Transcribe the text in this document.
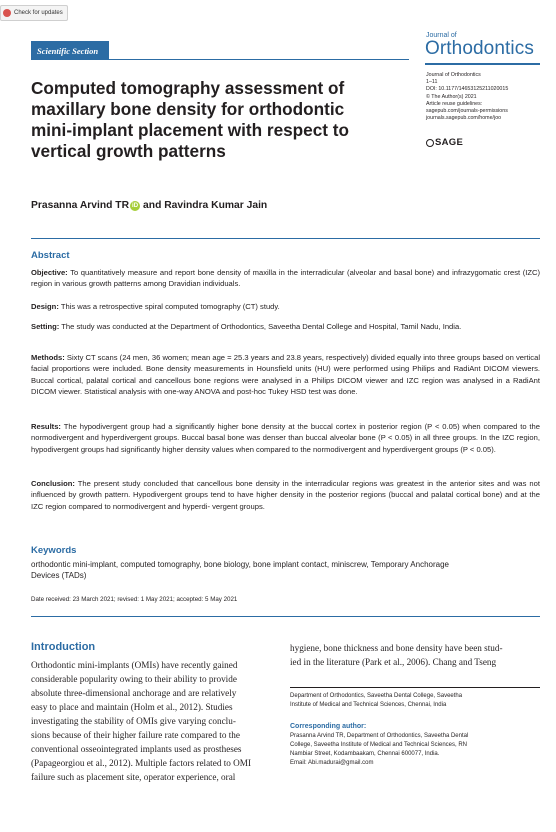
Check for updates
Scientific Section
Journal of
Orthodontics
Journal of Orthodontics
1–11
DOI: 10.1177/14653125211020015
© The Author(s) 2021
Article reuse guidelines:
sagepub.com/journals-permissions
journals.sagepub.com/home/joo
SAGE
Computed tomography assessment of
maxillary bone density for orthodontic
mini-implant placement with respect to
vertical growth patterns
Prasanna Arvind TR iD and Ravindra Kumar Jain
Abstract
Objective: To quantitatively measure and report bone density of maxilla in the interradicular (alveolar and basal bone) and infrazygomatic crest (IZC) region in various growth patterns among Dravidian individuals.
Design: This was a retrospective spiral computed tomography (CT) study.
Setting: The study was conducted at the Department of Orthodontics, Saveetha Dental College and Hospital, Tamil Nadu, India.
Methods: Sixty CT scans (24 men, 36 women; mean age = 25.3 years and 23.8 years, respectively) divided equally into three groups based on vertical facial proportions were included. Bone density measurements in Hounsfield units (HU) were performed using Philips and RadiAnt DICOM viewers. Buccal cortical, palatal cortical and cancellous bone regions were analysed in a Philips DICOM viewer and IZC region was analysed in a RadiAnt DICOM viewer. Statistical analysis with one-way ANOVA and post-hoc Tukey HSD test was done.
Results: The hypodivergent group had a significantly higher bone density at the buccal cortex in posterior region (P < 0.05) when compared to the normodivergent and hyperdivergent groups. Buccal basal bone was denser than buccal alveolar bone (P < 0.05) in all three groups. In the IZC region, hypodivergent groups had significantly higher density values when compared to the normodivergent and hyperdivergent groups (P < 0.05).
Conclusion: The present study concluded that cancellous bone density in the interradicular regions was greatest in the anterior sites and was not influenced by growth pattern. Hypodivergent groups tend to have higher density in the posterior regions (buccal and palatal cortical bone) and at the IZC region compared to normodivergent and hyperdi- vergent groups.
Keywords
orthodontic mini-implant, computed tomography, bone biology, bone implant contact, miniscrew, Temporary Anchorage
Devices (TADs)
Date received: 23 March 2021; revised: 1 May 2021; accepted: 5 May 2021
Introduction
Orthodontic mini-implants (OMIs) have recently gained
considerable popularity owing to their ability to provide
absolute three-dimensional anchorage and are relatively
easy to place and maintain (Holm et al., 2012). Studies
investigating the stability of OMIs give varying conclu-
sions because of their higher failure rate compared to the
conventional osseointegrated implants used as prostheses
(Papageorgiou et al., 2012). Multiple factors related to OMI
failure such as placement site, operator experience, oral
hygiene, bone thickness and bone density have been stud-
ied in the literature (Park et al., 2006). Chang and Tseng
Department of Orthodontics, Saveetha Dental College, Saveetha
Institute of Medical and Technical Sciences, Chennai, India
Corresponding author:
Prasanna Arvind TR, Department of Orthodontics, Saveetha Dental
College, Saveetha Institute of Medical and Technical Sciences, RN
Nambiar Street, Kodambaakam, Chennai 600077, India.
Email: Abi.madurai@gmail.com
